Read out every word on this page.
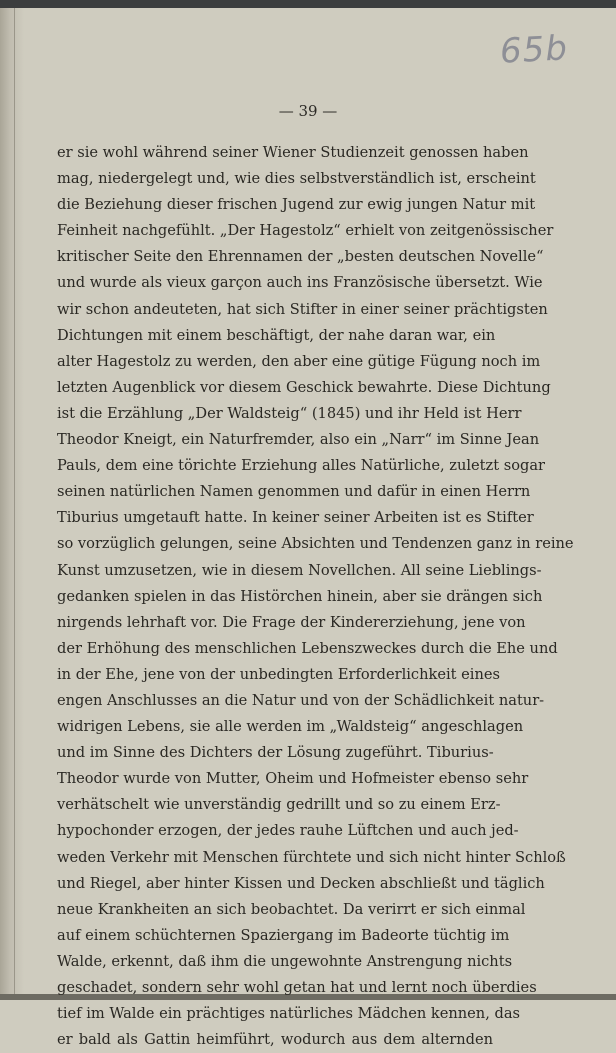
65b
— 39 —
er sie wohl während seiner Wiener Studienzeit genossen haben
mag, niedergelegt und, wie dies selbstverständlich ist, erscheint
die Beziehung dieser frischen Jugend zur ewig jungen Natur mit
Feinheit nachgefühlt. „Der Hagestolz“ erhielt von zeitgenössischer
kritischer Seite den Ehrennamen der „besten deutschen Novelle“
und wurde als vieux garçon auch ins Französische übersetzt. Wie
wir schon andeuteten, hat sich Stifter in einer seiner prächtigsten
Dichtungen mit einem beschäftigt, der nahe daran war, ein
alter Hagestolz zu werden, den aber eine gütige Fügung noch im
letzten Augenblick vor diesem Geschick bewahrte. Diese Dichtung
ist die Erzählung „Der Waldsteig“ (1845) und ihr Held ist Herr
Theodor Kneigt, ein Naturfremder, also ein „Narr“ im Sinne Jean
Pauls, dem eine törichte Erziehung alles Natürliche, zuletzt sogar
seinen natürlichen Namen genommen und dafür in einen Herrn
Tiburius umgetauft hatte. In keiner seiner Arbeiten ist es Stifter
so vorzüglich gelungen, seine Absichten und Tendenzen ganz in reine
Kunst umzusetzen, wie in diesem Novellchen. All seine Lieblings-
gedanken spielen in das Histörchen hinein, aber sie drängen sich
nirgends lehrhaft vor. Die Frage der Kindererziehung, jene von
der Erhöhung des menschlichen Lebenszweckes durch die Ehe und
in der Ehe, jene von der unbedingten Erforderlichkeit eines
engen Anschlusses an die Natur und von der Schädlichkeit natur-
widrigen Lebens, sie alle werden im „Waldsteig“ angeschlagen
und im Sinne des Dichters der Lösung zugeführt. Tiburius-
Theodor wurde von Mutter, Oheim und Hofmeister ebenso sehr
verhätschelt wie unverständig gedrillt und so zu einem Erz-
hypochonder erzogen, der jedes rauhe Lüftchen und auch jed-
weden Verkehr mit Menschen fürchtete und sich nicht hinter Schloß
und Riegel, aber hinter Kissen und Decken abschließt und täglich
neue Krankheiten an sich beobachtet. Da verirrt er sich einmal
auf einem schüchternen Spaziergang im Badeorte tüchtig im
Walde, erkennt, daß ihm die ungewohnte Anstrengung nichts
geschadet, sondern sehr wohl getan hat und lernt noch überdies
tief im Walde ein prächtiges natürliches Mädchen kennen, das
er bald als Gattin heimführt, wodurch aus dem alternden
